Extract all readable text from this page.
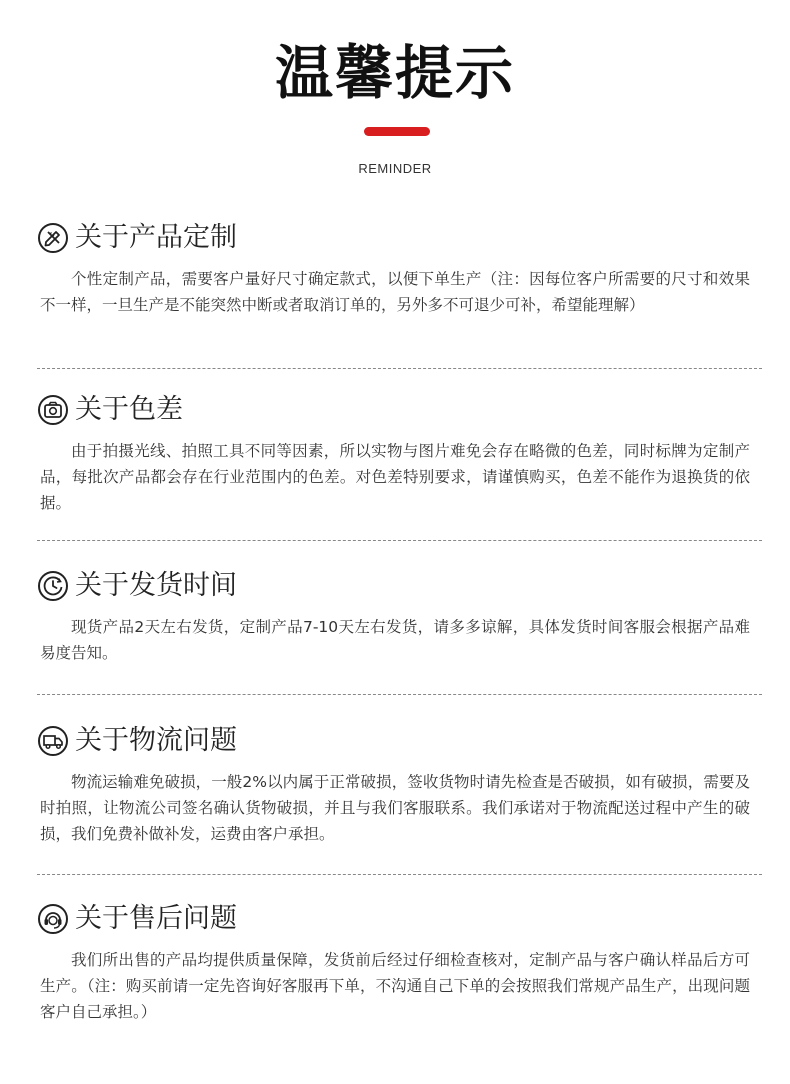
温馨提示
REMINDER
关于产品定制

个性定制产品，需要客户量好尺寸确定款式，以便下单生产（注：因每位客户所需要的尺寸和效果不一样，一旦生产是不能突然中断或者取消订单的，另外多不可退少可补，希望能理解）

关于色差

由于拍摄光线、拍照工具不同等因素，所以实物与图片难免会存在略微的色差，同时标牌为定制产品，每批次产品都会存在行业范围内的色差。对色差特别要求，请谨慎购买，色差不能作为退换货的依据。

关于发货时间

现货产品2天左右发货，定制产品7-10天左右发货，请多多谅解，具体发货时间客服会根据产品难易度告知。

关于物流问题

物流运输难免破损，一般2%以内属于正常破损，签收货物时请先检查是否破损，如有破损，需要及时拍照，让物流公司签名确认货物破损，并且与我们客服联系。我们承诺对于物流配送过程中产生的破损，我们免费补做补发，运费由客户承担。

关于售后问题

我们所出售的产品均提供质量保障，发货前后经过仔细检查核对，定制产品与客户确认样品后方可生产。（注：购买前请一定先咨询好客服再下单，不沟通自己下单的会按照我们常规产品生产，出现问题客户自己承担。）
